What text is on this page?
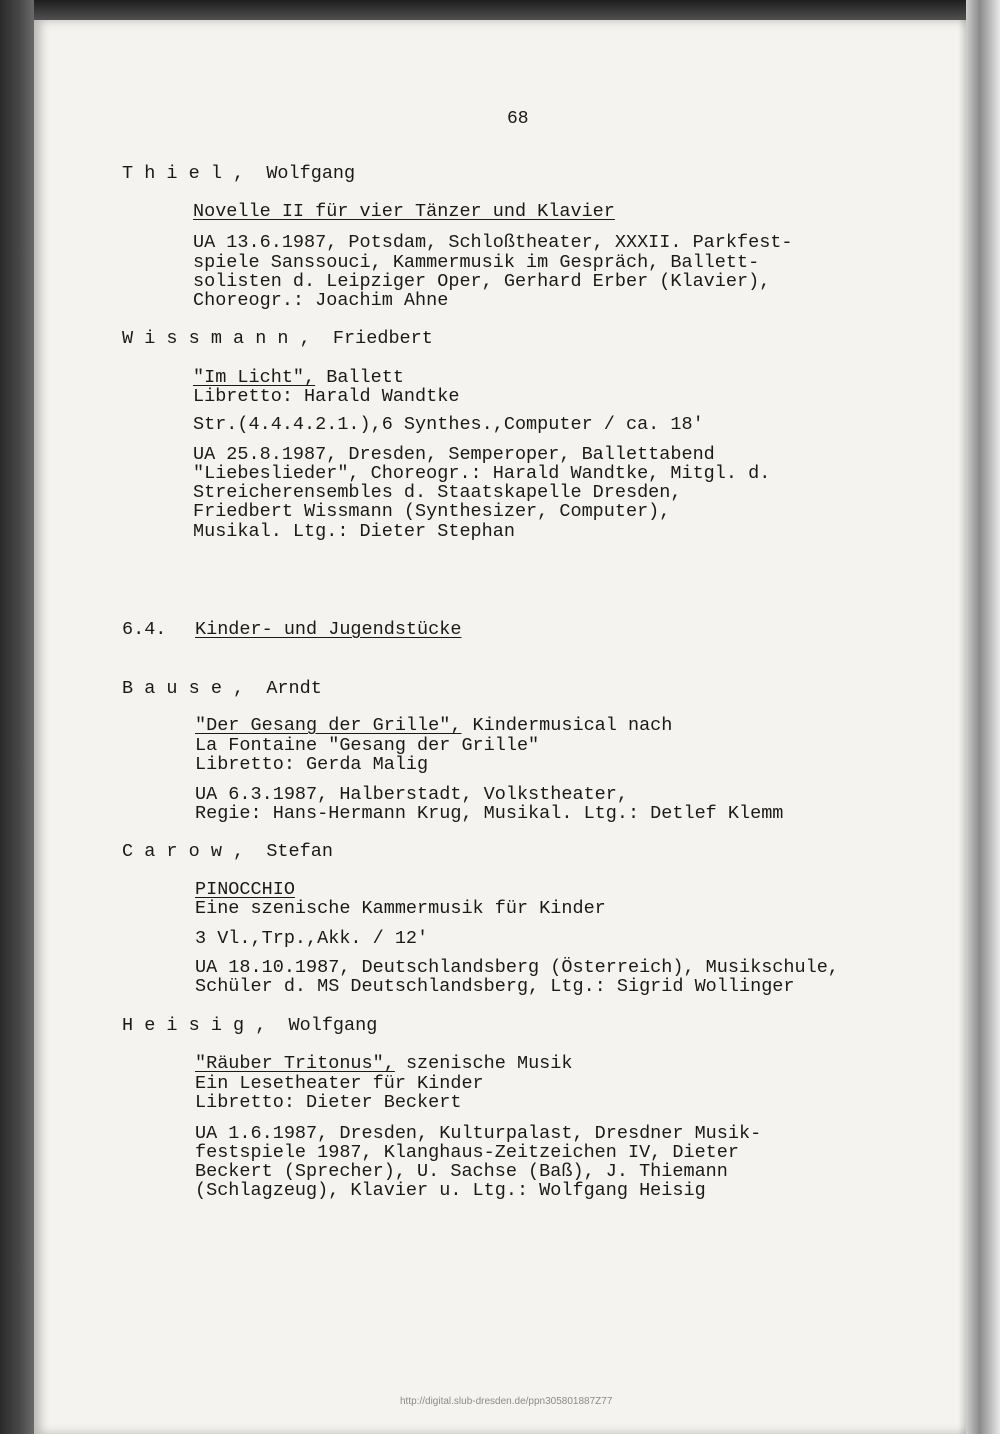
68
T h i e l ,  Wolfgang
Novelle II für vier Tänzer und Klavier
UA 13.6.1987, Potsdam, Schloßtheater, XXXII. Parkfest-
spiele Sanssouci, Kammermusik im Gespräch, Ballett-
solisten d. Leipziger Oper, Gerhard Erber (Klavier),
Choreogr.: Joachim Ahne
W i s s m a n n ,  Friedbert
"Im Licht", Ballett
Libretto: Harald Wandtke
Str.(4.4.4.2.1.),6 Synthes.,Computer / ca. 18'
UA 25.8.1987, Dresden, Semperoper, Ballettabend
"Liebeslieder", Choreogr.: Harald Wandtke, Mitgl. d.
Streicherensembles d. Staatskapelle Dresden,
Friedbert Wissmann (Synthesizer, Computer),
Musikal. Ltg.: Dieter Stephan
6.4. Kinder- und Jugendstücke
B a u s e ,  Arndt
"Der Gesang der Grille", Kindermusical nach
La Fontaine "Gesang der Grille"
Libretto: Gerda Malig
UA 6.3.1987, Halberstadt, Volkstheater,
Regie: Hans-Hermann Krug, Musikal. Ltg.: Detlef Klemm
C a r o w ,  Stefan
PINOCCHIO
Eine szenische Kammermusik für Kinder
3 Vl.,Trp.,Akk. / 12'
UA 18.10.1987, Deutschlandsberg (Österreich), Musikschule,
Schüler d. MS Deutschlandsberg, Ltg.: Sigrid Wollinger
H e i s i g ,  Wolfgang
"Räuber Tritonus", szenische Musik
Ein Lesetheater für Kinder
Libretto: Dieter Beckert
UA 1.6.1987, Dresden, Kulturpalast, Dresdner Musik-
festspiele 1987, Klanghaus-Zeitzeichen IV, Dieter
Beckert (Sprecher), U. Sachse (Baß), J. Thiemann
(Schlagzeug), Klavier u. Ltg.: Wolfgang Heisig
http://digital.slub-dresden.de/ppn305801887Z77
